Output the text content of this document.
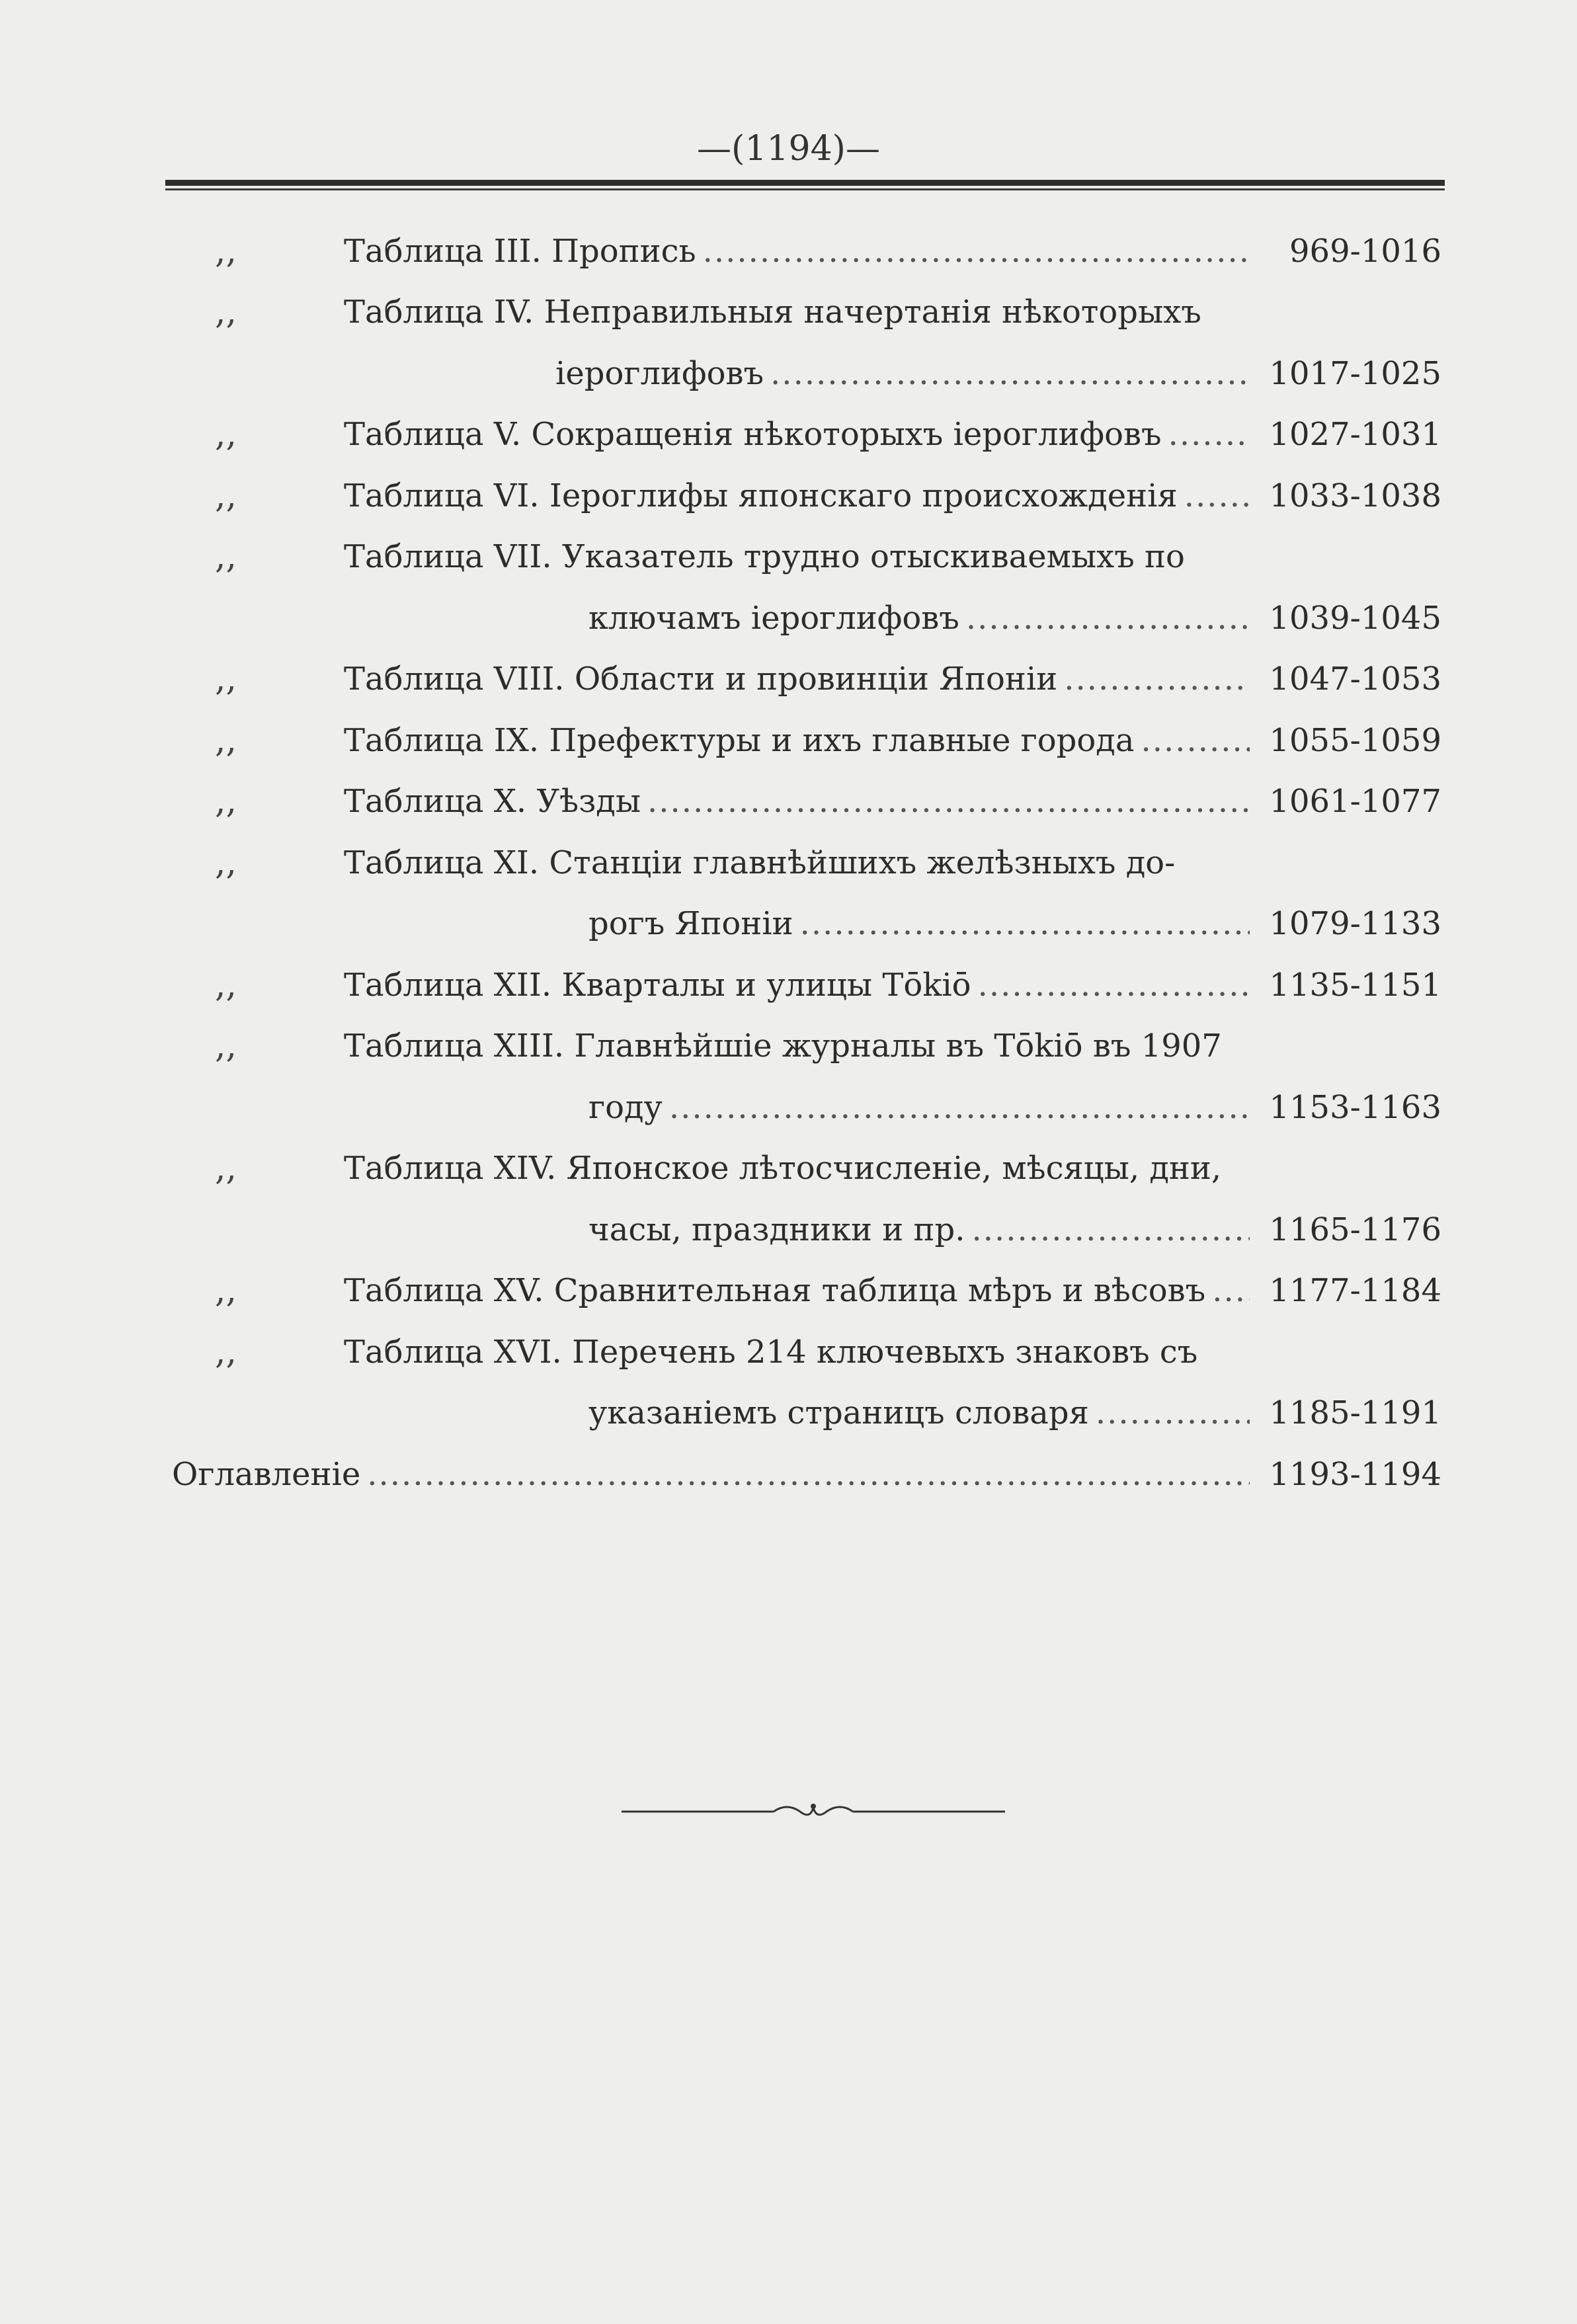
—(1194)—
,,	Таблица III. Пропись .....	969-1016
,,	Таблица IV. Неправильныя начертанія нѣкоторыхъ
іероглифовъ .....	1017-1025
,,	Таблица V. Сокращенія нѣкоторыхъ іероглифовъ .....	1027-1031
,,	Таблица VI. Іероглифы японскаго происхожденія .....	1033-1038
,,	Таблица VII. Указатель трудно отыскиваемыхъ по
ключамъ іероглифовъ .....	1039-1045
,,	Таблица VIII. Области и провинціи Японіи .....	1047-1053
,,	Таблица IX. Префектуры и ихъ главные города .....	1055-1059
,,	Таблица X. Уѣзды .....	1061-1077
,,	Таблица XI. Станціи главнѣйшихъ желѣзныхъ до-
рогъ Японіи .....	1079-1133
,,	Таблица XII. Кварталы и улицы Tōkiō .....	1135-1151
,,	Таблица XIII. Главнѣйшіе журналы въ Tōkiō въ 1907
году .....	1153-1163
,,	Таблица XIV. Японское лѣтосчисленіе, мѣсяцы, дни,
часы, праздники и пр. .....	1165-1176
,,	Таблица XV. Сравнительная таблица мѣръ и вѣсовъ .....	1177-1184
,,	Таблица XVI. Перечень 214 ключевыхъ знаковъ съ
указаніемъ страницъ словаря .....	1185-1191
Оглавленіе .....	1193-1194
